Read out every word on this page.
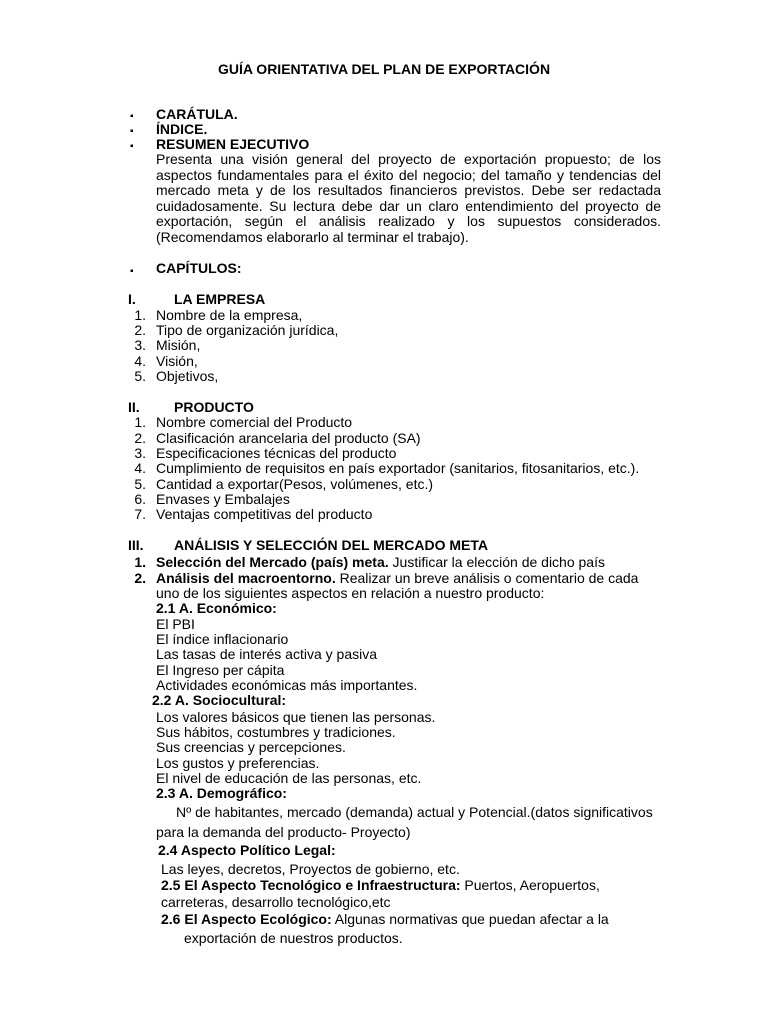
GUÍA ORIENTATIVA DEL PLAN DE EXPORTACIÓN
▪ CARÁTULA.
▪ ÍNDICE.
▪ RESUMEN EJECUTIVO
Presenta una visión general del proyecto de exportación propuesto; de los
aspectos fundamentales para el éxito del negocio; del tamaño y tendencias del
mercado meta y de los resultados financieros previstos. Debe ser redactada
cuidadosamente. Su lectura debe dar un claro entendimiento del proyecto de
exportación, según el análisis realizado y los supuestos considerados.
(Recomendamos elaborarlo al terminar el trabajo).
▪ CAPÍTULOS:
I.	LA EMPRESA
1. Nombre de la empresa,
2. Tipo de organización jurídica,
3. Misión,
4. Visión,
5. Objetivos,
II. PRODUCTO
1. Nombre comercial del Producto
2. Clasificación arancelaria del producto (SA)
3. Especificaciones técnicas del producto
4. Cumplimiento de requisitos en país exportador (sanitarios, fitosanitarios, etc.).
5. Cantidad a exportar(Pesos, volúmenes, etc.)
6. Envases y Embalajes
7. Ventajas competitivas del producto
III. ANÁLISIS Y SELECCIÓN DEL MERCADO META
1. Selección del Mercado (país) meta. Justificar la elección de dicho país
2. Análisis del macroentorno. Realizar un breve análisis o comentario de cada
uno de los siguientes aspectos en relación a nuestro producto:
2.1 A. Económico:
El PBI
El índice inflacionario
Las tasas de interés activa y pasiva
El Ingreso per cápita
Actividades económicas más importantes.
2.2 A. Sociocultural:
Los valores básicos que tienen las personas.
Sus hábitos, costumbres y tradiciones.
Sus creencias y percepciones.
Los gustos y preferencias.
El nivel de educación de las personas, etc.
2.3 A. Demográfico:
Nº de habitantes, mercado (demanda) actual y Potencial.(datos significativos
para la demanda del producto- Proyecto)
2.4 Aspecto Político Legal:
Las leyes, decretos, Proyectos de gobierno, etc.
2.5 El Aspecto Tecnológico e Infraestructura: Puertos, Aeropuertos,
carreteras, desarrollo tecnológico,etc
2.6 El Aspecto Ecológico: Algunas normativas que puedan afectar a la
exportación de nuestros productos.
